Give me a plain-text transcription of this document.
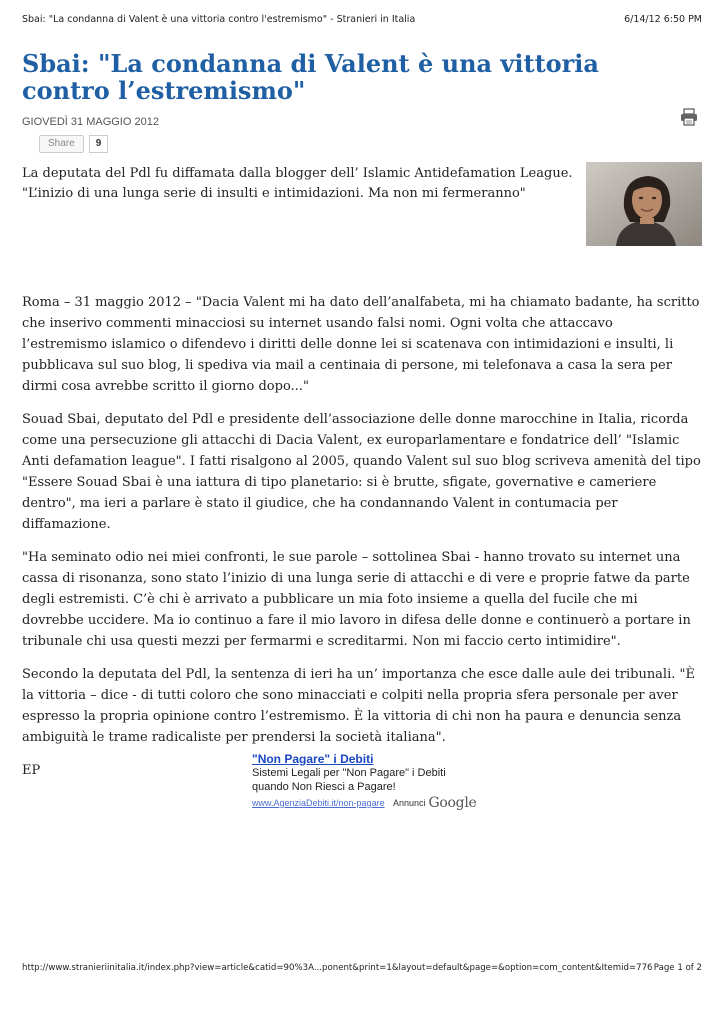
Sbai: "La condanna di Valent è una vittoria contro l'estremismo" - Stranieri in Italia	6/14/12 6:50 PM
Sbai: "La condanna di Valent è una vittoria contro l’estremismo"
GIOVEDÌ 31 MAGGIO 2012
Share	9

La deputata del Pdl fu diffamata dalla blogger dell’ Islamic Antidefamation League. "L’inizio di una lunga serie di insulti e intimidazioni. Ma non mi fermeranno"

Roma – 31 maggio 2012 – "Dacia Valent mi ha dato dell’analfabeta, mi ha chiamato badante, ha scritto che inserivo commenti minacciosi su internet usando falsi nomi. Ogni volta che attaccavo l’estremismo islamico o difendevo i diritti delle donne lei si scatenava con intimidazioni e insulti, li pubblicava sul suo blog, li spediva via mail a centinaia di persone, mi telefonava a casa la sera per dirmi cosa avrebbe scritto il giorno dopo..."

Souad Sbai, deputato del Pdl e presidente dell’associazione delle donne marocchine in Italia, ricorda come una persecuzione gli attacchi di Dacia Valent, ex europarlamentare e fondatrice dell’ "Islamic Anti defamation league". I fatti risalgono al 2005, quando Valent sul suo blog scriveva amenità del tipo "Essere Souad Sbai è una iattura di tipo planetario: si è brutte, sfigate, governative e cameriere dentro", ma ieri a parlare è stato il giudice, che ha condannando Valent in contumacia per diffamazione.

"Ha seminato odio nei miei confronti, le sue parole – sottolinea Sbai - hanno trovato su internet una cassa di risonanza, sono stato l’inizio di una lunga serie di attacchi e di vere e proprie fatwe da parte degli estremisti. C’è chi è arrivato a pubblicare un mia foto insieme a quella del fucile che mi dovrebbe uccidere. Ma io continuo a fare il mio lavoro in difesa delle donne e continuerò a portare in tribunale chi usa questi mezzi per fermarmi e screditarmi. Non mi faccio certo intimidire".

Secondo la deputata del Pdl, la sentenza di ieri ha un’ importanza che esce dalle aule dei tribunali. "È la vittoria – dice - di tutti coloro che sono minacciati e colpiti nella propria sfera personale per aver espresso la propria opinione contro l’estremismo. È la vittoria di chi non ha paura e denuncia senza ambiguità le trame radicaliste per prendersi la società italiana".

EP

"Non Pagare" i Debiti
Sistemi Legali per "Non Pagare" i Debiti
quando Non Riesci a Pagare!
www.AgenziaDebiti.it/non-pagare Annunci Google
http://www.stranieriinitalia.it/index.php?view=article&catid=90%3A...ponent&print=1&layout=default&page=&option=com_content&Itemid=776 Page 1 of 2
